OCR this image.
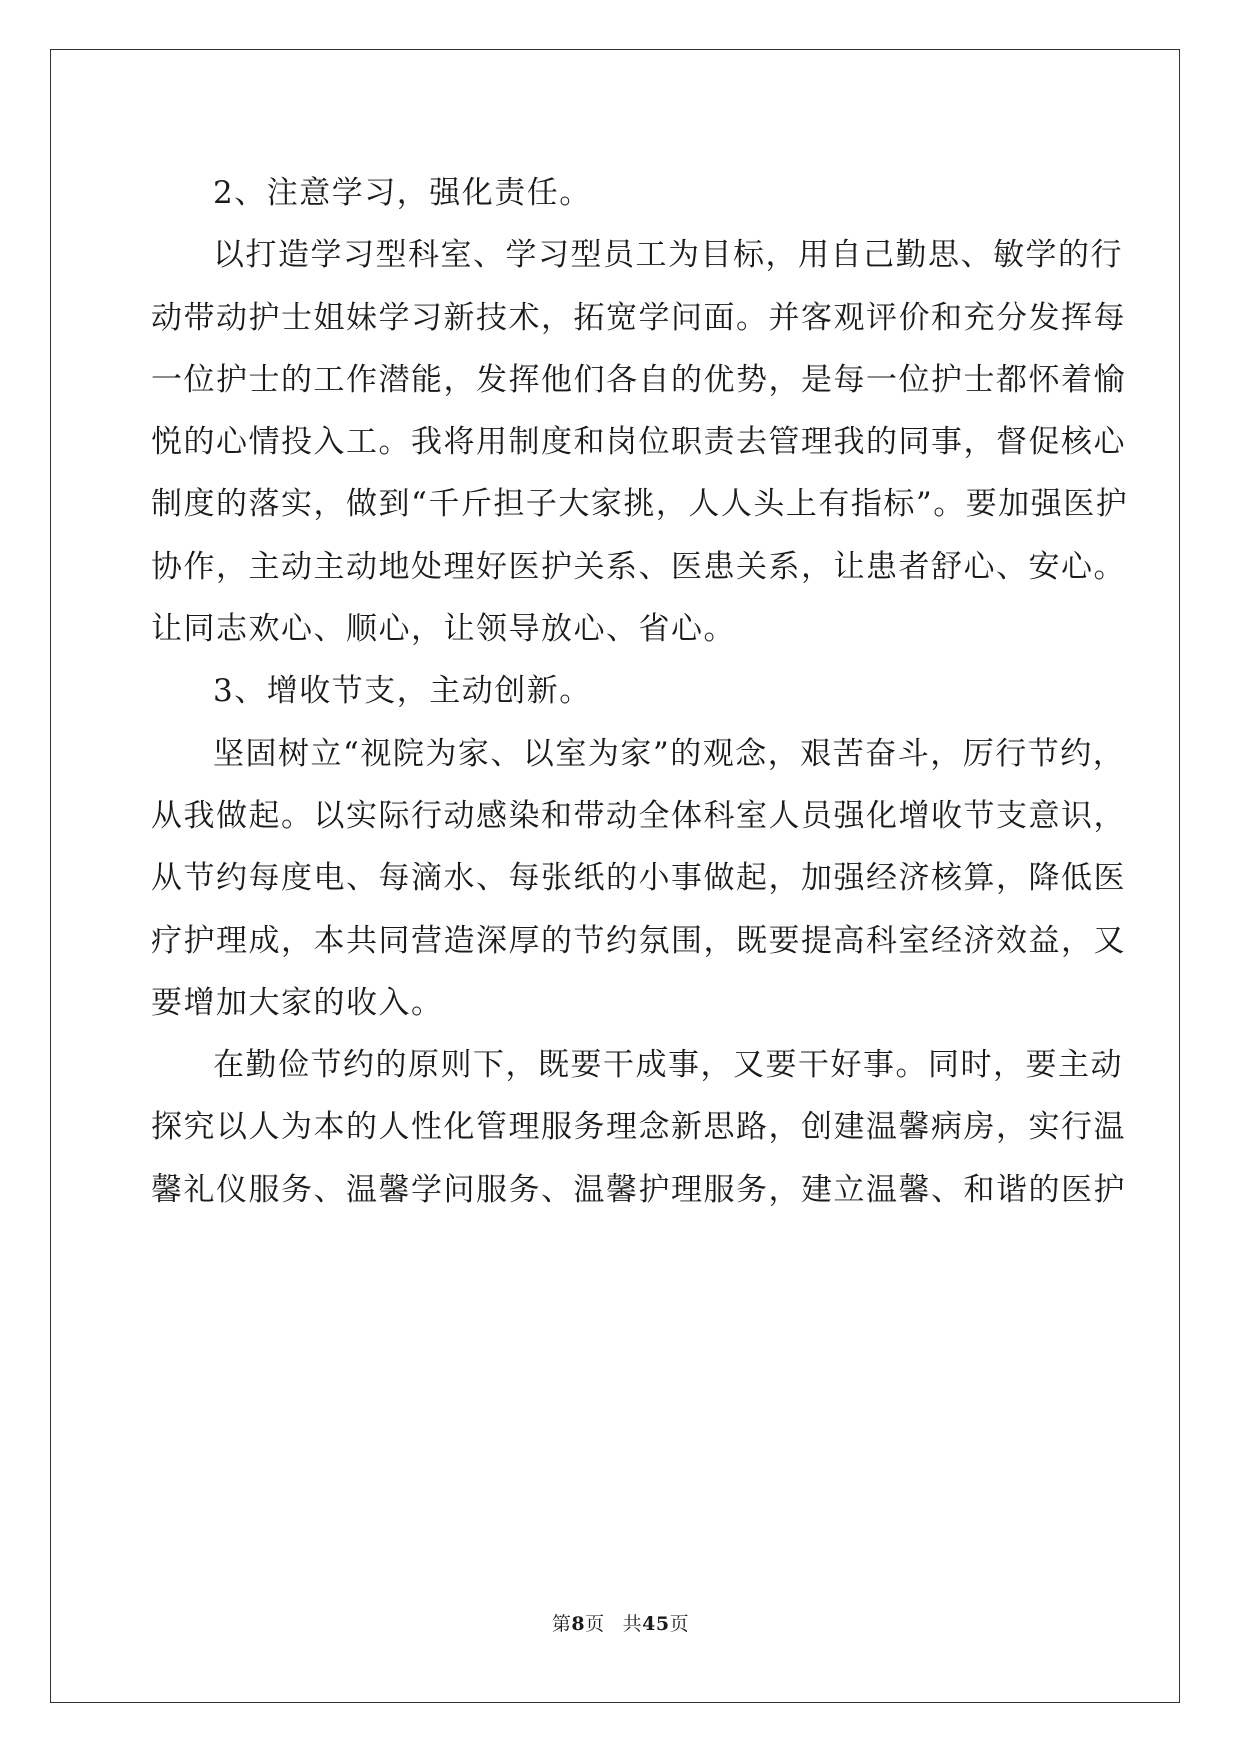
2、注意学习，强化责任。
以打造学习型科室、学习型员工为目标，用自己勤思、敏学的行
动带动护士姐妹学习新技术，拓宽学问面。并客观评价和充分发挥每
一位护士的工作潜能，发挥他们各自的优势，是每一位护士都怀着愉
悦的心情投入工。我将用制度和岗位职责去管理我的同事，督促核心
制度的落实，做到“千斤担子大家挑，人人头上有指标”。要加强医护
协作，主动主动地处理好医护关系、医患关系，让患者舒心、安心。
让同志欢心、顺心，让领导放心、省心。
3、增收节支，主动创新。
坚固树立“视院为家、以室为家”的观念，艰苦奋斗，厉行节约，
从我做起。以实际行动感染和带动全体科室人员强化增收节支意识，
从节约每度电、每滴水、每张纸的小事做起，加强经济核算，降低医
疗护理成，本共同营造深厚的节约氛围，既要提高科室经济效益，又
要增加大家的收入。
在勤俭节约的原则下，既要干成事，又要干好事。同时，要主动
探究以人为本的人性化管理服务理念新思路，创建温馨病房，实行温
馨礼仪服务、温馨学问服务、温馨护理服务，建立温馨、和谐的医护
第8页 共45页
